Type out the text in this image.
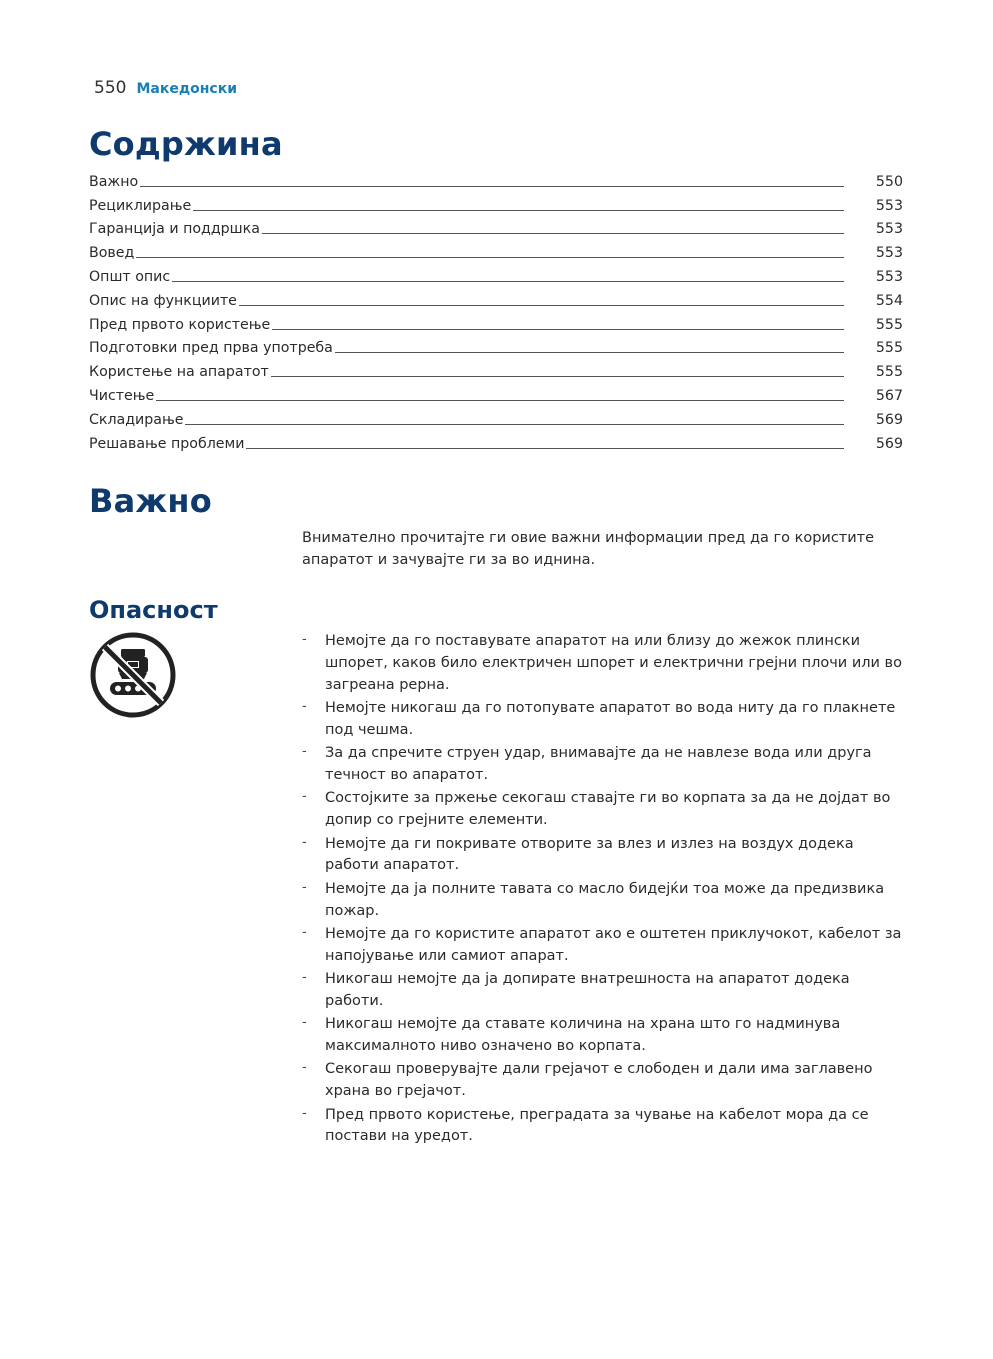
550 Македонски
Содржина
Важно	550
Рециклирање	553
Гаранција и поддршка	553
Вовед	553
Општ опис	553
Опис на функциите	554
Пред првото користење	555
Подготовки пред прва употреба	555
Користење на апаратот	555
Чистење	567
Складирање	569
Решавање проблеми	569
Важно

Внимателно прочитајте ги овие важни информации пред да го користите апаратот и зачувајте ги за во иднина.

Опасност
- Немојте да го поставувате апаратот на или близу до жежок плински шпорет, каков било електричен шпорет и електрични грејни плочи или во загреана рерна.
- Немојте никогаш да го потопувате апаратот во вода ниту да го плакнете под чешма.
- За да спречите струен удар, внимавајте да не навлезе вода или друга течност во апаратот.
- Состојките за пржење секогаш ставајте ги во корпата за да не дојдат во допир со грејните елементи.
- Немојте да ги покривате отворите за влез и излез на воздух додека работи апаратот.
- Немојте да ја полните тавата со масло бидејќи тоа може да предизвика пожар.
- Немојте да го користите апаратот ако е оштетен приклучокот, кабелот за напојување или самиот апарат.
- Никогаш немојте да ја допирате внатрешноста на апаратот додека работи.
- Никогаш немојте да ставате количина на храна што го надминува максималното ниво означено во корпата.
- Секогаш проверувајте дали грејачот е слободен и дали има заглавено храна во грејачот.
- Пред првото користење, преградата за чување на кабелот мора да се постави на уредот.
